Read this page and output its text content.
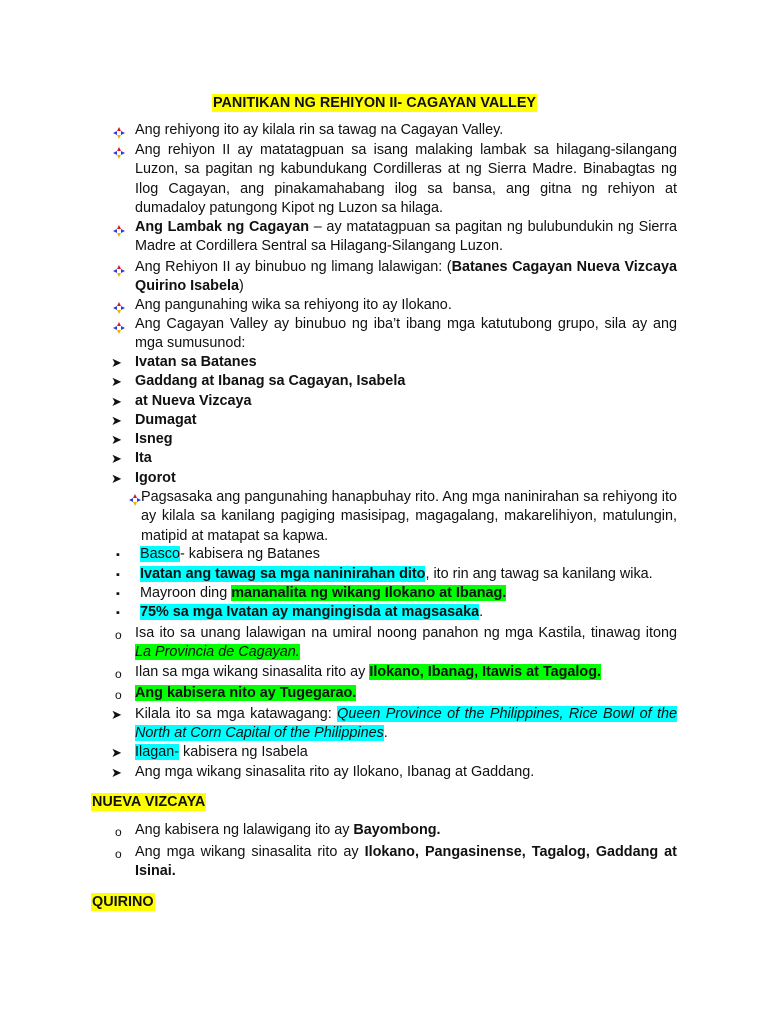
PANITIKAN NG REHIYON II- CAGAYAN VALLEY
Ang rehiyong ito ay kilala rin sa tawag na Cagayan Valley.
Ang rehiyon II ay matatagpuan sa isang malaking lambak sa hilagang-silangang Luzon, sa pagitan ng kabundukang Cordilleras at ng Sierra Madre. Binabagtas ng Ilog Cagayan, ang pinakamahabang ilog sa bansa, ang gitna ng rehiyon at dumadaloy patungong Kipot ng Luzon sa hilaga.
Ang Lambak ng Cagayan – ay matatagpuan sa pagitan ng bulubundukin ng Sierra Madre at Cordillera Sentral sa Hilagang-Silangang Luzon.
Ang Rehiyon II ay binubuo ng limang lalawigan: (Batanes Cagayan Nueva Vizcaya Quirino Isabela)
Ang pangunahing wika sa rehiyong ito ay Ilokano.
Ang Cagayan Valley ay binubuo ng iba’t ibang mga katutubong grupo, sila ay ang mga sumusunod:
➤ Ivatan sa Batanes
➤ Gaddang at Ibanag sa Cagayan, Isabela
➤ at Nueva Vizcaya
➤ Dumagat
➤ Isneg
➤ Ita
➤ Igorot
Pagsasaka ang pangunahing hanapbuhay rito. Ang mga naninirahan sa rehiyong ito ay kilala sa kanilang pagiging masisipag, magagalang, makarelihiyon, matulungin, matipid at matapat sa kapwa.
▪ Basco- kabisera ng Batanes
▪ Ivatan ang tawag sa mga naninirahan dito, ito rin ang tawag sa kanilang wika.
▪ Mayroon ding mananalita ng wikang Ilokano at Ibanag.
▪ 75% sa mga Ivatan ay mangingisda at magsasaka.
o Isa ito sa unang lalawigan na umiral noong panahon ng mga Kastila, tinawag itong La Provincia de Cagayan.
o Ilan sa mga wikang sinasalita rito ay Ilokano, Ibanag, Itawis at Tagalog.
o Ang kabisera nito ay Tugegarao.
➤ Kilala ito sa mga katawagang: Queen Province of the Philippines, Rice Bowl of the North at Corn Capital of the Philippines.
➤ Ilagan- kabisera ng Isabela
➤ Ang mga wikang sinasalita rito ay Ilokano, Ibanag at Gaddang.
NUEVA VIZCAYA
o Ang kabisera ng lalawigang ito ay Bayombong.
o Ang mga wikang sinasalita rito ay Ilokano, Pangasinense, Tagalog, Gaddang at Isinai.
QUIRINO
